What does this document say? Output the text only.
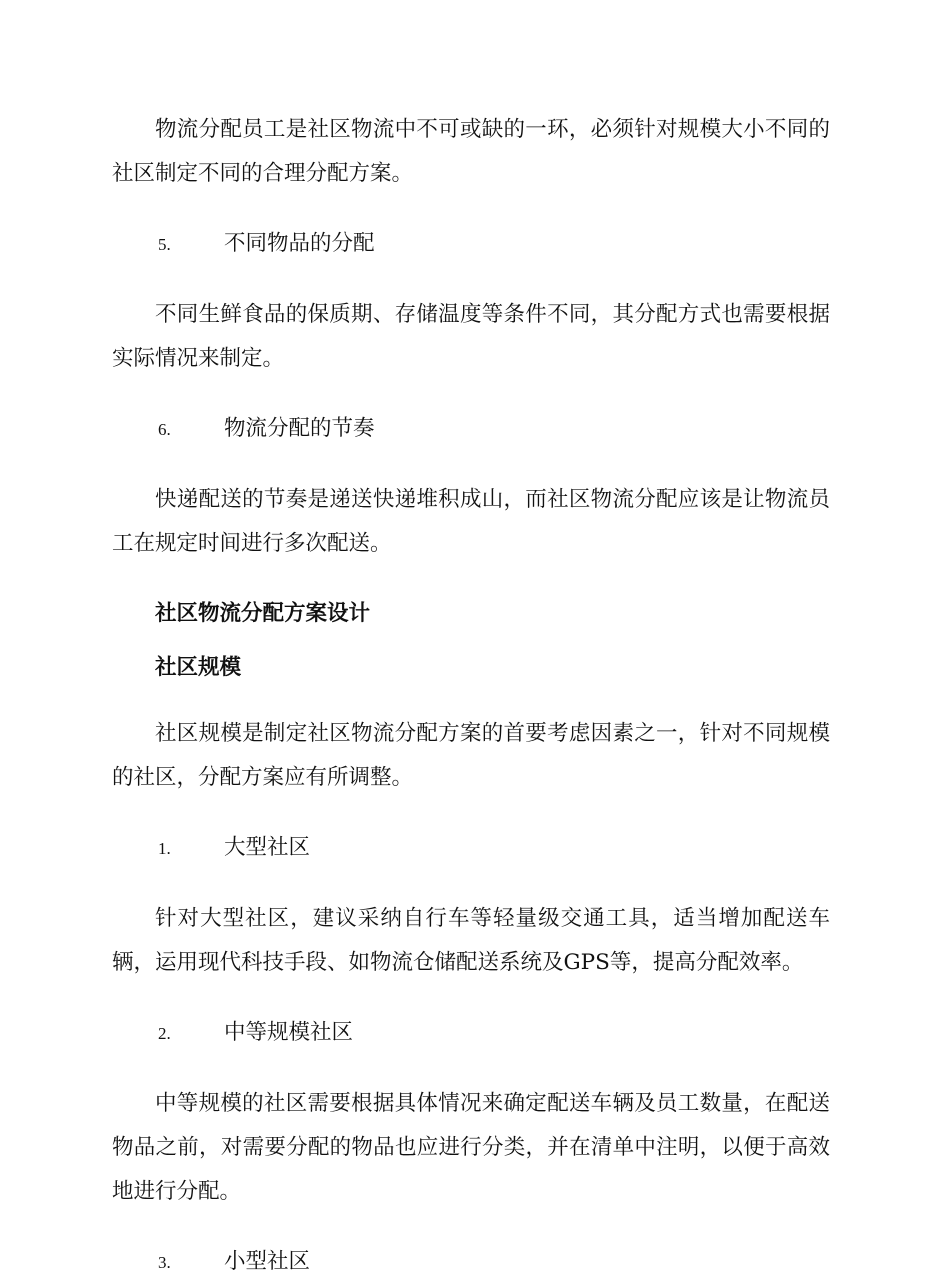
物流分配员工是社区物流中不可或缺的一环，必须针对规模大小不同的社区制定不同的合理分配方案。

5.	不同物品的分配

不同生鲜食品的保质期、存储温度等条件不同，其分配方式也需要根据实际情况来制定。

6.	物流分配的节奏

快递配送的节奏是递送快递堆积成山，而社区物流分配应该是让物流员工在规定时间进行多次配送。

社区物流分配方案设计
社区规模

社区规模是制定社区物流分配方案的首要考虑因素之一，针对不同规模的社区，分配方案应有所调整。

1.	大型社区

针对大型社区，建议采纳自行车等轻量级交通工具，适当增加配送车辆，运用现代科技手段、如物流仓储配送系统及GPS等，提高分配效率。

2.	中等规模社区

中等规模的社区需要根据具体情况来确定配送车辆及员工数量，在配送物品之前，对需要分配的物品也应进行分类，并在清单中注明，以便于高效地进行分配。

3.	小型社区
